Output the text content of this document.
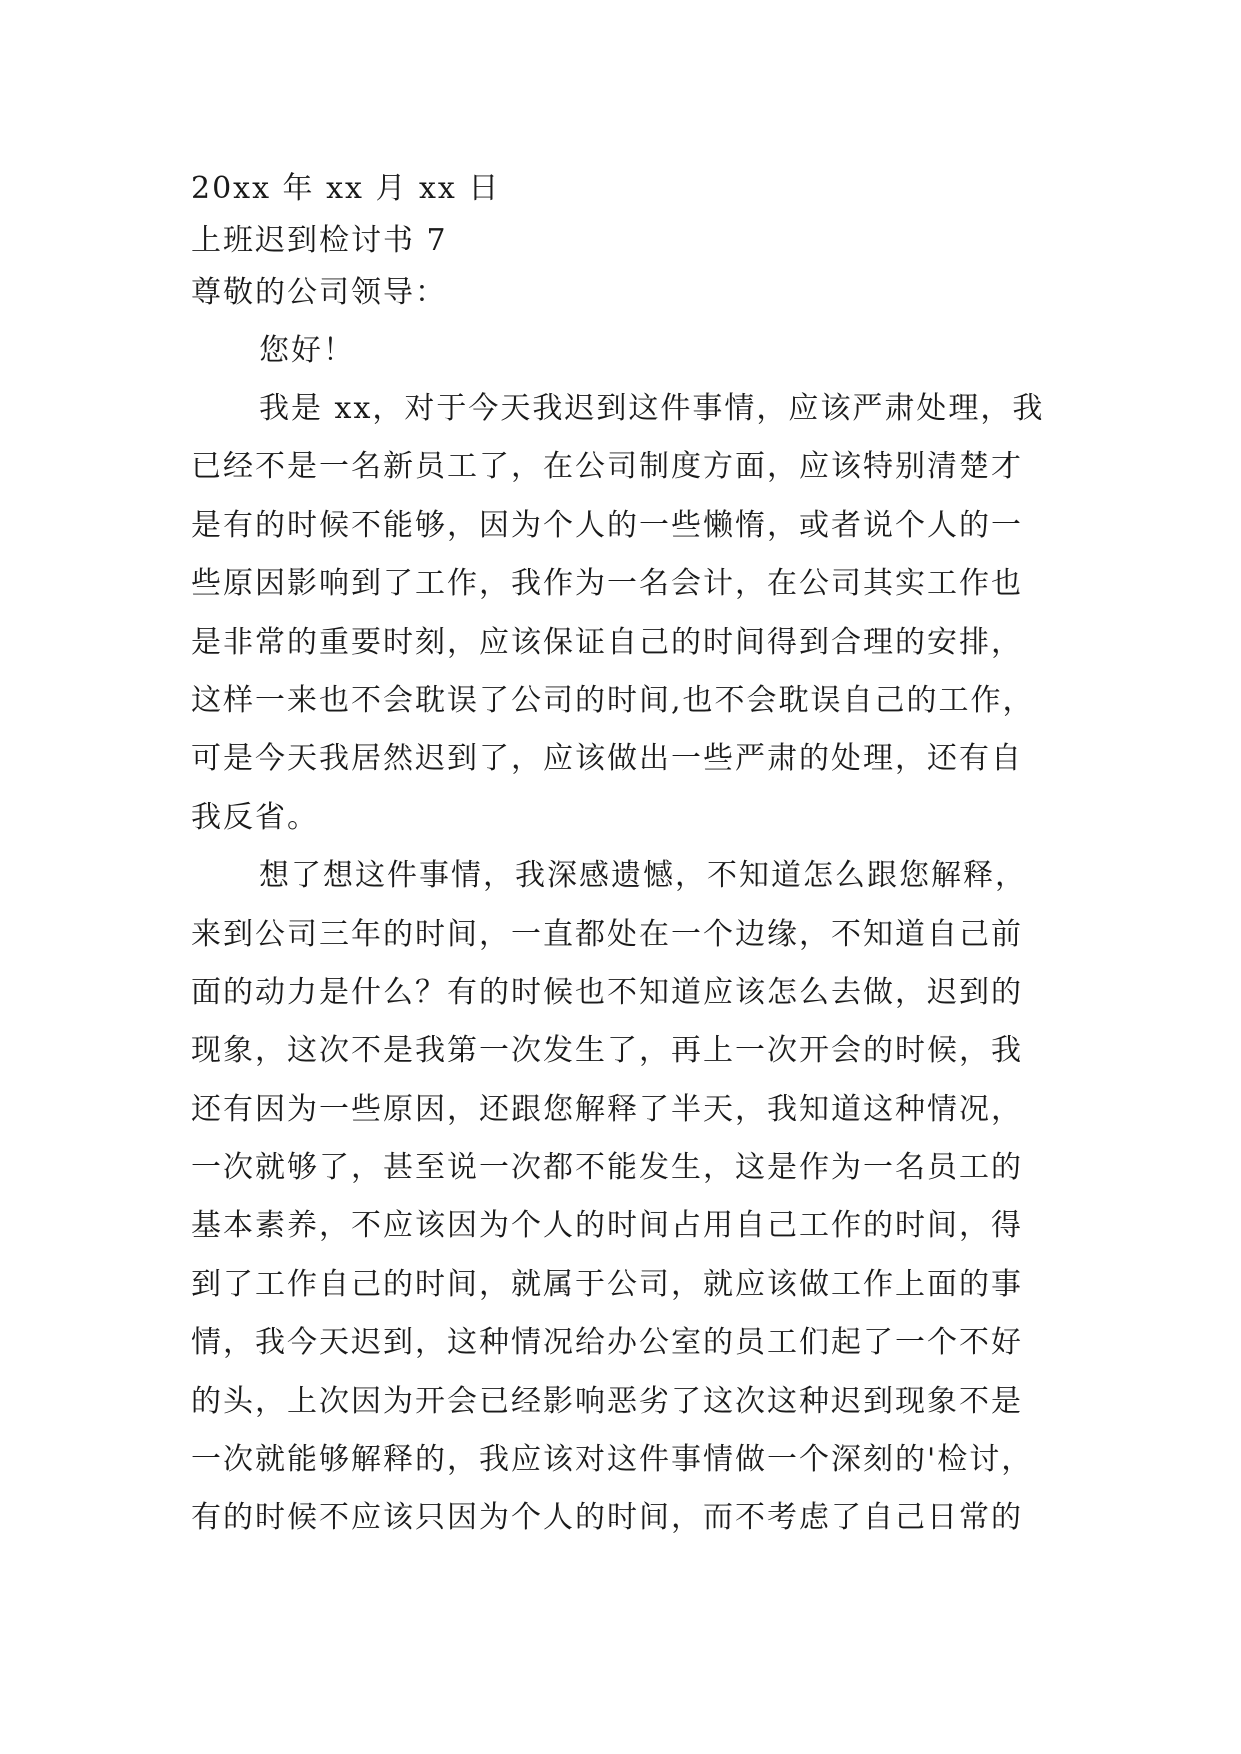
20xx 年 xx 月 xx 日
上班迟到检讨书 7
尊敬的公司领导：
您好！
我是 xx，对于今天我迟到这件事情，应该严肃处理，我
已经不是一名新员工了，在公司制度方面，应该特别清楚才
是有的时候不能够，因为个人的一些懒惰，或者说个人的一
些原因影响到了工作，我作为一名会计，在公司其实工作也
是非常的重要时刻，应该保证自己的时间得到合理的安排，
这样一来也不会耽误了公司的时间,也不会耽误自己的工作，
可是今天我居然迟到了，应该做出一些严肃的处理，还有自
我反省。
想了想这件事情，我深感遗憾，不知道怎么跟您解释，
来到公司三年的时间，一直都处在一个边缘，不知道自己前
面的动力是什么？有的时候也不知道应该怎么去做，迟到的
现象，这次不是我第一次发生了，再上一次开会的时候，我
还有因为一些原因，还跟您解释了半天，我知道这种情况，
一次就够了，甚至说一次都不能发生，这是作为一名员工的
基本素养，不应该因为个人的时间占用自己工作的时间，得
到了工作自己的时间，就属于公司，就应该做工作上面的事
情，我今天迟到，这种情况给办公室的员工们起了一个不好
的头，上次因为开会已经影响恶劣了这次这种迟到现象不是
一次就能够解释的，我应该对这件事情做一个深刻的'检讨，
有的时候不应该只因为个人的时间，而不考虑了自己日常的
